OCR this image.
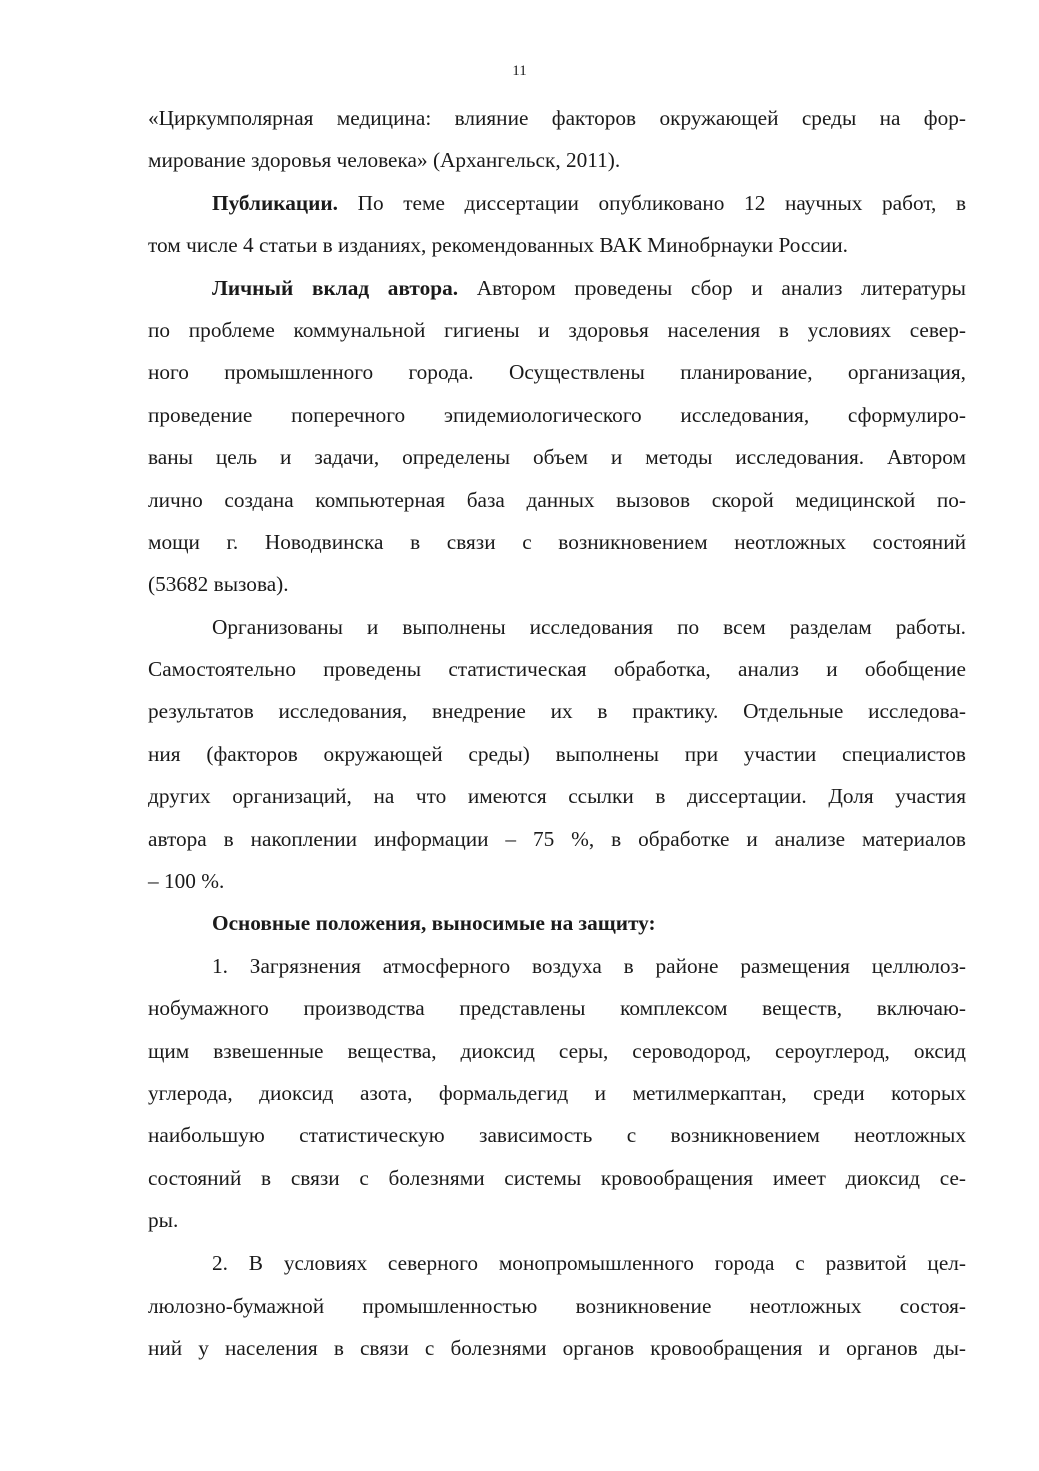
11
«Циркумполярная медицина: влияние факторов окружающей среды на фор-
мирование здоровья человека» (Архангельск, 2011).
Публикации. По теме диссертации опубликовано 12 научных работ, в
том числе 4 статьи в изданиях, рекомендованных ВАК Минобрнауки России.
Личный вклад автора. Автором проведены сбор и анализ литературы
по проблеме коммунальной гигиены и здоровья населения в условиях север-
ного промышленного города. Осуществлены планирование, организация,
проведение поперечного эпидемиологического исследования, сформулиро-
ваны цель и задачи, определены объем и методы исследования. Автором
лично создана компьютерная база данных вызовов скорой медицинской по-
мощи г. Новодвинска в связи с возникновением неотложных состояний
(53682 вызова).
Организованы и выполнены исследования по всем разделам работы.
Самостоятельно проведены статистическая обработка, анализ и обобщение
результатов исследования, внедрение их в практику. Отдельные исследова-
ния (факторов окружающей среды) выполнены при участии специалистов
других организаций, на что имеются ссылки в диссертации. Доля участия
автора в накоплении информации – 75 %, в обработке и анализе материалов
– 100 %.
Основные положения, выносимые на защиту:
1. Загрязнения атмосферного воздуха в районе размещения целлюлоз-
нобумажного производства представлены комплексом веществ, включаю-
щим взвешенные вещества, диоксид серы, сероводород, сероуглерод, оксид
углерода, диоксид азота, формальдегид и метилмеркаптан, среди которых
наибольшую статистическую зависимость с возникновением неотложных
состояний в связи с болезнями системы кровообращения имеет диоксид се-
ры.
2. В условиях северного монопромышленного города с развитой цел-
люлозно-бумажной промышленностью возникновение неотложных состоя-
ний у населения в связи с болезнями органов кровообращения и органов ды-
